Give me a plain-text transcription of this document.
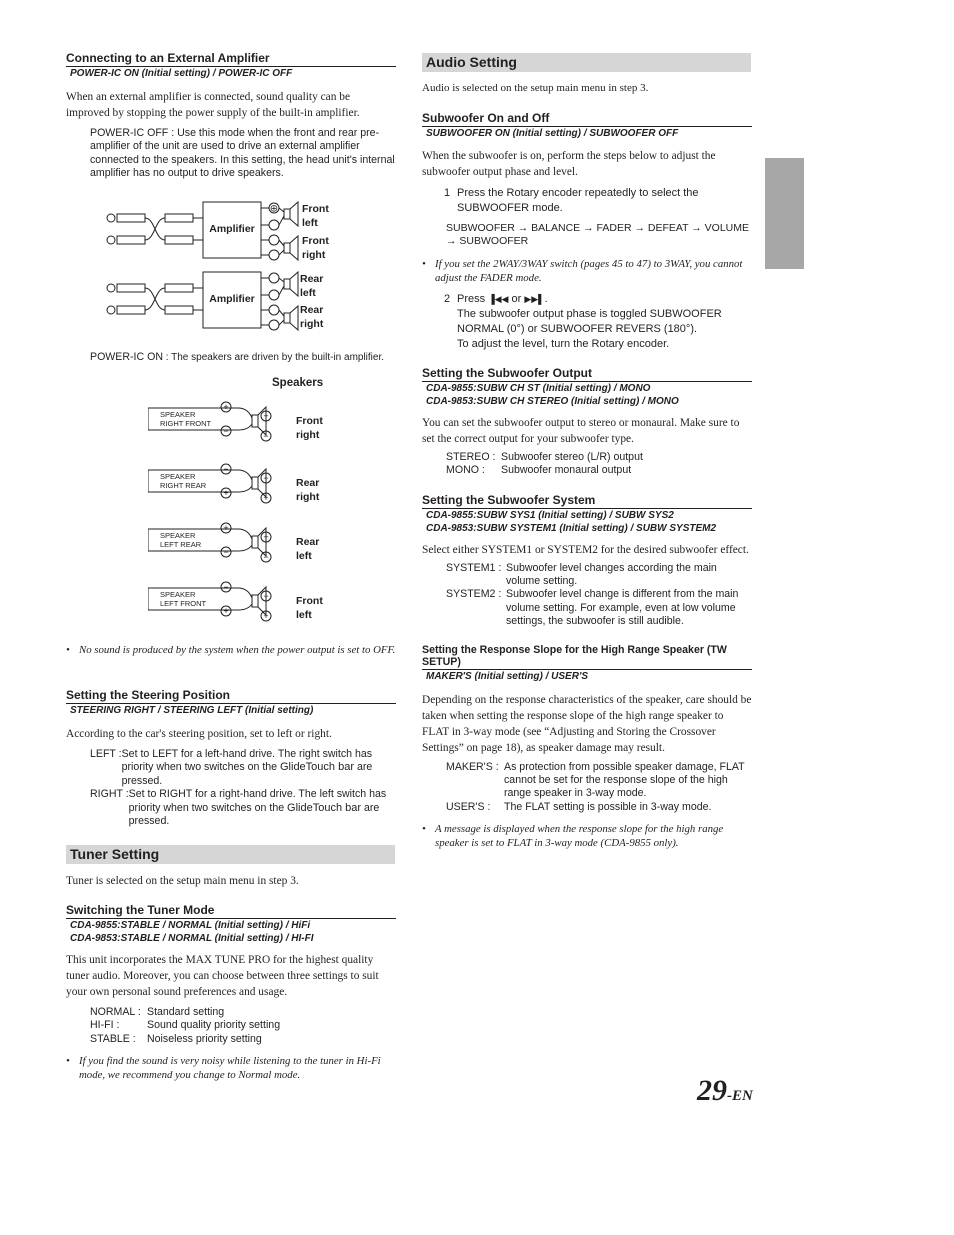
Connecting to an External Amplifier
POWER-IC ON (Initial setting) / POWER-IC OFF
When an external amplifier is connected, sound quality can be improved by stopping the power supply of the built-in amplifier.
POWER-IC OFF : Use this mode when the front and rear pre-amplifier of the unit are used to drive an external amplifier connected to the speakers. In this setting, the head unit's internal amplifier has no output to drive speakers.
⊕
Amplifier
Amplifier
Front
left
Front
right
Rear
left
Rear
right
POWER-IC ON : The speakers are driven by the built-in amplifier.
Speakers
+
−
+
−
SPEAKER
RIGHT FRONT	Front
right
−
+
−
+
SPEAKER
RIGHT REAR	Rear
right
+
−
+
−
SPEAKER
LEFT REAR	Rear
left
−
+
−
+
SPEAKER
LEFT FRONT	Front
left
• No sound is produced by the system when the power output is set to OFF.
Setting the Steering Position
STEERING RIGHT / STEERING LEFT (Initial setting)
According to the car's steering position, set to left or right.
LEFT : Set to LEFT for a left-hand drive. The right switch has priority when two switches on the GlideTouch bar are pressed.
RIGHT : Set to RIGHT for a right-hand drive. The left switch has priority when two switches on the GlideTouch bar are pressed.
Tuner Setting
Tuner is selected on the setup main menu in step 3.
Switching the Tuner Mode
CDA-9855:STABLE / NORMAL (Initial setting) / HiFi
CDA-9853:STABLE / NORMAL (Initial setting) / HI-FI
This unit incorporates the MAX TUNE PRO for the highest quality tuner audio. Moreover, you can choose between three settings to suit your own personal sound preferences and usage.
NORMAL : Standard setting
HI-FI :	Sound quality priority setting
STABLE :	Noiseless priority setting
• If you find the sound is very noisy while listening to the tuner in Hi-Fi mode, we recommend you change to Normal mode.
Audio Setting
Audio is selected on the setup main menu in step 3.
Subwoofer On and Off
SUBWOOFER ON (Initial setting) / SUBWOOFER OFF
When the subwoofer is on, perform the steps below to adjust the subwoofer output phase and level.
1 Press the Rotary encoder repeatedly to select the SUBWOOFER mode.
SUBWOOFER → BALANCE → FADER → DEFEAT → VOLUME → SUBWOOFER
• If you set the 2WAY/3WAY switch (pages 45 to 47) to 3WAY, you cannot adjust the FADER mode.
2 Press ▐◀◀ or ▶▶▌.
The subwoofer output phase is toggled SUBWOOFER NORMAL (0°) or SUBWOOFER REVERS (180°).
To adjust the level, turn the Rotary encoder.
Setting the Subwoofer Output
CDA-9855:SUBW CH ST (Initial setting) / MONO
CDA-9853:SUBW CH STEREO (Initial setting) / MONO
You can set the subwoofer output to stereo or monaural. Make sure to set the correct output for your subwoofer type.
STEREO : Subwoofer stereo (L/R) output
MONO :	Subwoofer monaural output
Setting the Subwoofer System
CDA-9855:SUBW SYS1 (Initial setting) / SUBW SYS2
CDA-9853:SUBW SYSTEM1 (Initial setting) / SUBW SYSTEM2
Select either SYSTEM1 or SYSTEM2 for the desired subwoofer effect.
SYSTEM1 : Subwoofer level changes according the main volume setting.
SYSTEM2 : Subwoofer level change is different from the main volume setting. For example, even at low volume settings, the subwoofer is still audible.
Setting the Response Slope for the High Range Speaker (TW SETUP)
MAKER'S (Initial setting) / USER'S
Depending on the response characteristics of the speaker, care should be taken when setting the response slope of the high range speaker to FLAT in 3-way mode (see “Adjusting and Storing the Crossover Settings” on page 18), as speaker damage may result.
MAKER'S : As protection from possible speaker damage, FLAT cannot be set for the response slope of the high range speaker in 3-way mode.
USER'S :	The FLAT setting is possible in 3-way mode.
• A message is displayed when the response slope for the high range speaker is set to FLAT in 3-way mode (CDA-9855 only).
29-EN
